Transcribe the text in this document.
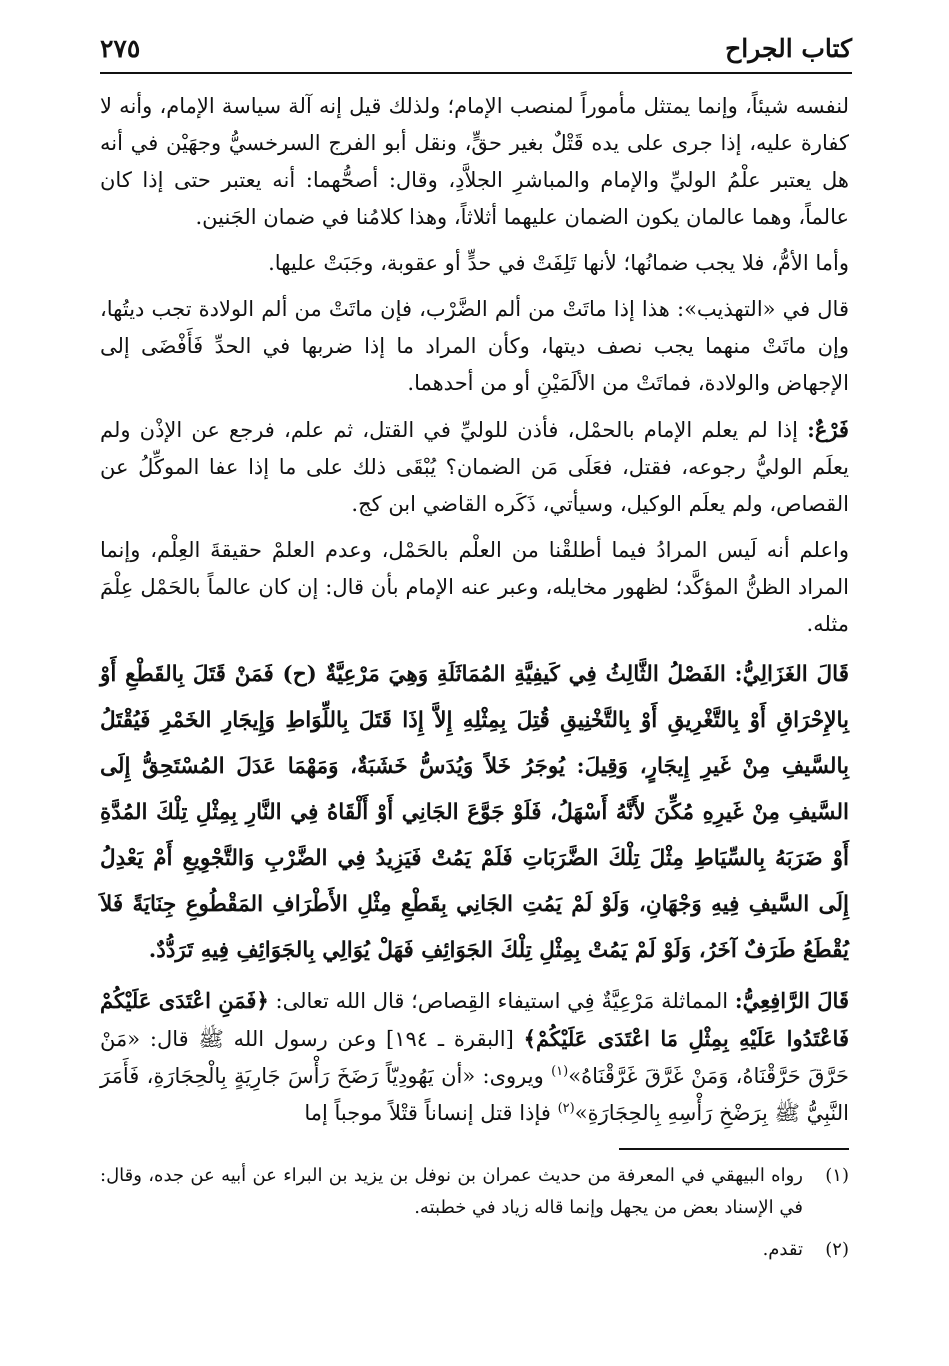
كتاب الجراح
٢٧٥

لنفسه شيئاً، وإنما يمتثل مأموراً لمنصب الإمام؛ ولذلك قيل إنه آلة سياسة الإمام، وأنه لا كفارة عليه، إذا جرى على يده قَتْلٌ بغير حقٍّ، ونقل أبو الفرج السرخسيُّ وجهَيْن في أنه هل يعتبر علْمُ الوليِّ والإمام والمباشرِ الجلاَّدِ، وقال: أصحُّهما: أنه يعتبر حتى إذا كان عالماً، وهما عالمان يكون الضمان عليهما أثلاثاً، وهذا كلامُنا في ضمان الجَنين.

وأما الأمُّ، فلا يجب ضمانُها؛ لأنها تَلِفَتْ في حدٍّ أو عقوبة، وجَبَتْ عليها.

قال في «التهذيب»: هذا إذا ماتَتْ من ألم الضَّرْب، فإن ماتَتْ من ألم الولادة تجب ديتُها، وإن ماتَتْ منهما يجب نصف ديتها، وكأن المراد ما إذا ضربها في الحدِّ فَأَفْضَى إلى الإجهاض والولادة، فماتَتْ من الألَمَيْنِ أو من أحدهما.

فَرْعٌ: إذا لم يعلم الإمام بالحمْل، فأذن للوليِّ في القتل، ثم علم، فرجع عن الإذْن ولم يعلَم الوليُّ رجوعه، فقتل، فعَلَى مَن الضمان؟ يُبْقَى ذلك على ما إذا عفا الموكِّلُ عن القصاص، ولم يعلَم الوكيل، وسيأتي، ذَكَره القاضي ابن كج.

واعلم أنه لَيس المرادُ فيما أطلقْنا من العلْم بالحَمْل، وعدم العلمْ حقيقةَ العِلْم، وإنما المراد الظنُّ المؤكَّد؛ لظهور مخايله، وعبر عنه الإمام بأن قال: إن كان عالماً بالحَمْل عِلْمَ مثله.

قَالَ الغَزَالِيُّ: الفَصْلُ الثَّالِثُ فِي كَيفِيَّةِ المُمَاثَلَةِ وَهِيَ مَرْعِيَّةٌ (ح) فَمَنْ قَتَلَ بِالقَطْعِ أَوْ بِالإِحْرَاقِ أَوْ بِالتَّغْرِيقِ أَوْ بِالتَّخْنِيقِ قُتِلَ بِمِثْلِهِ إِلاَّ إِذَا قَتَلَ بِاللِّوَاطِ وَإِيجَارِ الخَمْرِ فَيُقْتَلُ بِالسَّيفِ مِنْ غَيرِ إِيجَارٍ، وَقِيلَ: يُوجَرُ خَلاً وَيُدَسُّ خَشَبَةٌ، وَمَهْمَا عَدَلَ المُسْتَحِقُّ إِلَى السَّيفِ مِنْ غَيرِهِ مُكِّنَ لأَنَّهُ أَسْهَلُ، فَلَوْ جَوَّعَ الجَانِي أَوْ أَلْقَاهُ فِي النَّارِ بِمِثْلِ تِلْكَ المُدَّةِ أَوْ ضَرَبَهُ بِالسِّيَاطِ مِثْلَ تِلْكَ الضَّرَبَاتِ فَلَمْ يَمُتْ فَيَزِيدُ فِي الضَّرْبِ وَالتَّجْوِيعِ أَمْ يَعْدِلُ إِلَى السَّيفِ فِيهِ وَجْهَانِ، وَلَوْ لَمْ يَمُتِ الجَانِي بِقَطْعِ مِثْلِ الأَطْرَافِ المَقْطُوعِ جِنَايَةً فَلاَ يُقْطَعُ طَرَفٌ آخَرُ، وَلَوْ لَمْ يَمُتْ بِمِثْلِ تِلْكَ الجَوَائِفِ فَهَلْ يُوَالِي بِالجَوَائِفِ فِيهِ تَرَدُّدٌ.

قَالَ الرَّافِعِيُّ: المماثلة مَرْعِيَّةٌ فِي استيفاء القِصاص؛ قال الله تعالى: ﴿فَمَنِ اعْتَدَى عَلَيْكُمْ فَاعْتَدُوا عَلَيْهِ بِمِثْلِ مَا اعْتَدَى عَلَيْكُمْ﴾ [البقرة ـ ١٩٤] وعن رسول الله ﷺ قال: «مَنْ حَرَّقَ حَرَّقْنَاهُ، وَمَنْ غَرَّقَ غَرَّقْنَاهُ»$^{(١)}$ ويروى: «أن يَهُودِيّاً رَضَخَ رَأْسَ جَارِيَةٍ بِالْحِجَارَةِ، فَأَمَرَ النَّبِيُّ ﷺ بِرَضْخِ رَأْسِهِ بِالحِجَارَةِ»$^{(٢)}$ فإذا قتل إنساناً قتْلاً موجباً إما

(١)
رواه البيهقي في المعرفة من حديث عمران بن نوفل بن يزيد بن البراء عن أبيه عن جده، وقال: في الإسناد بعض من يجهل وإنما قاله زياد في خطبته.
(٢)
تقدم.
